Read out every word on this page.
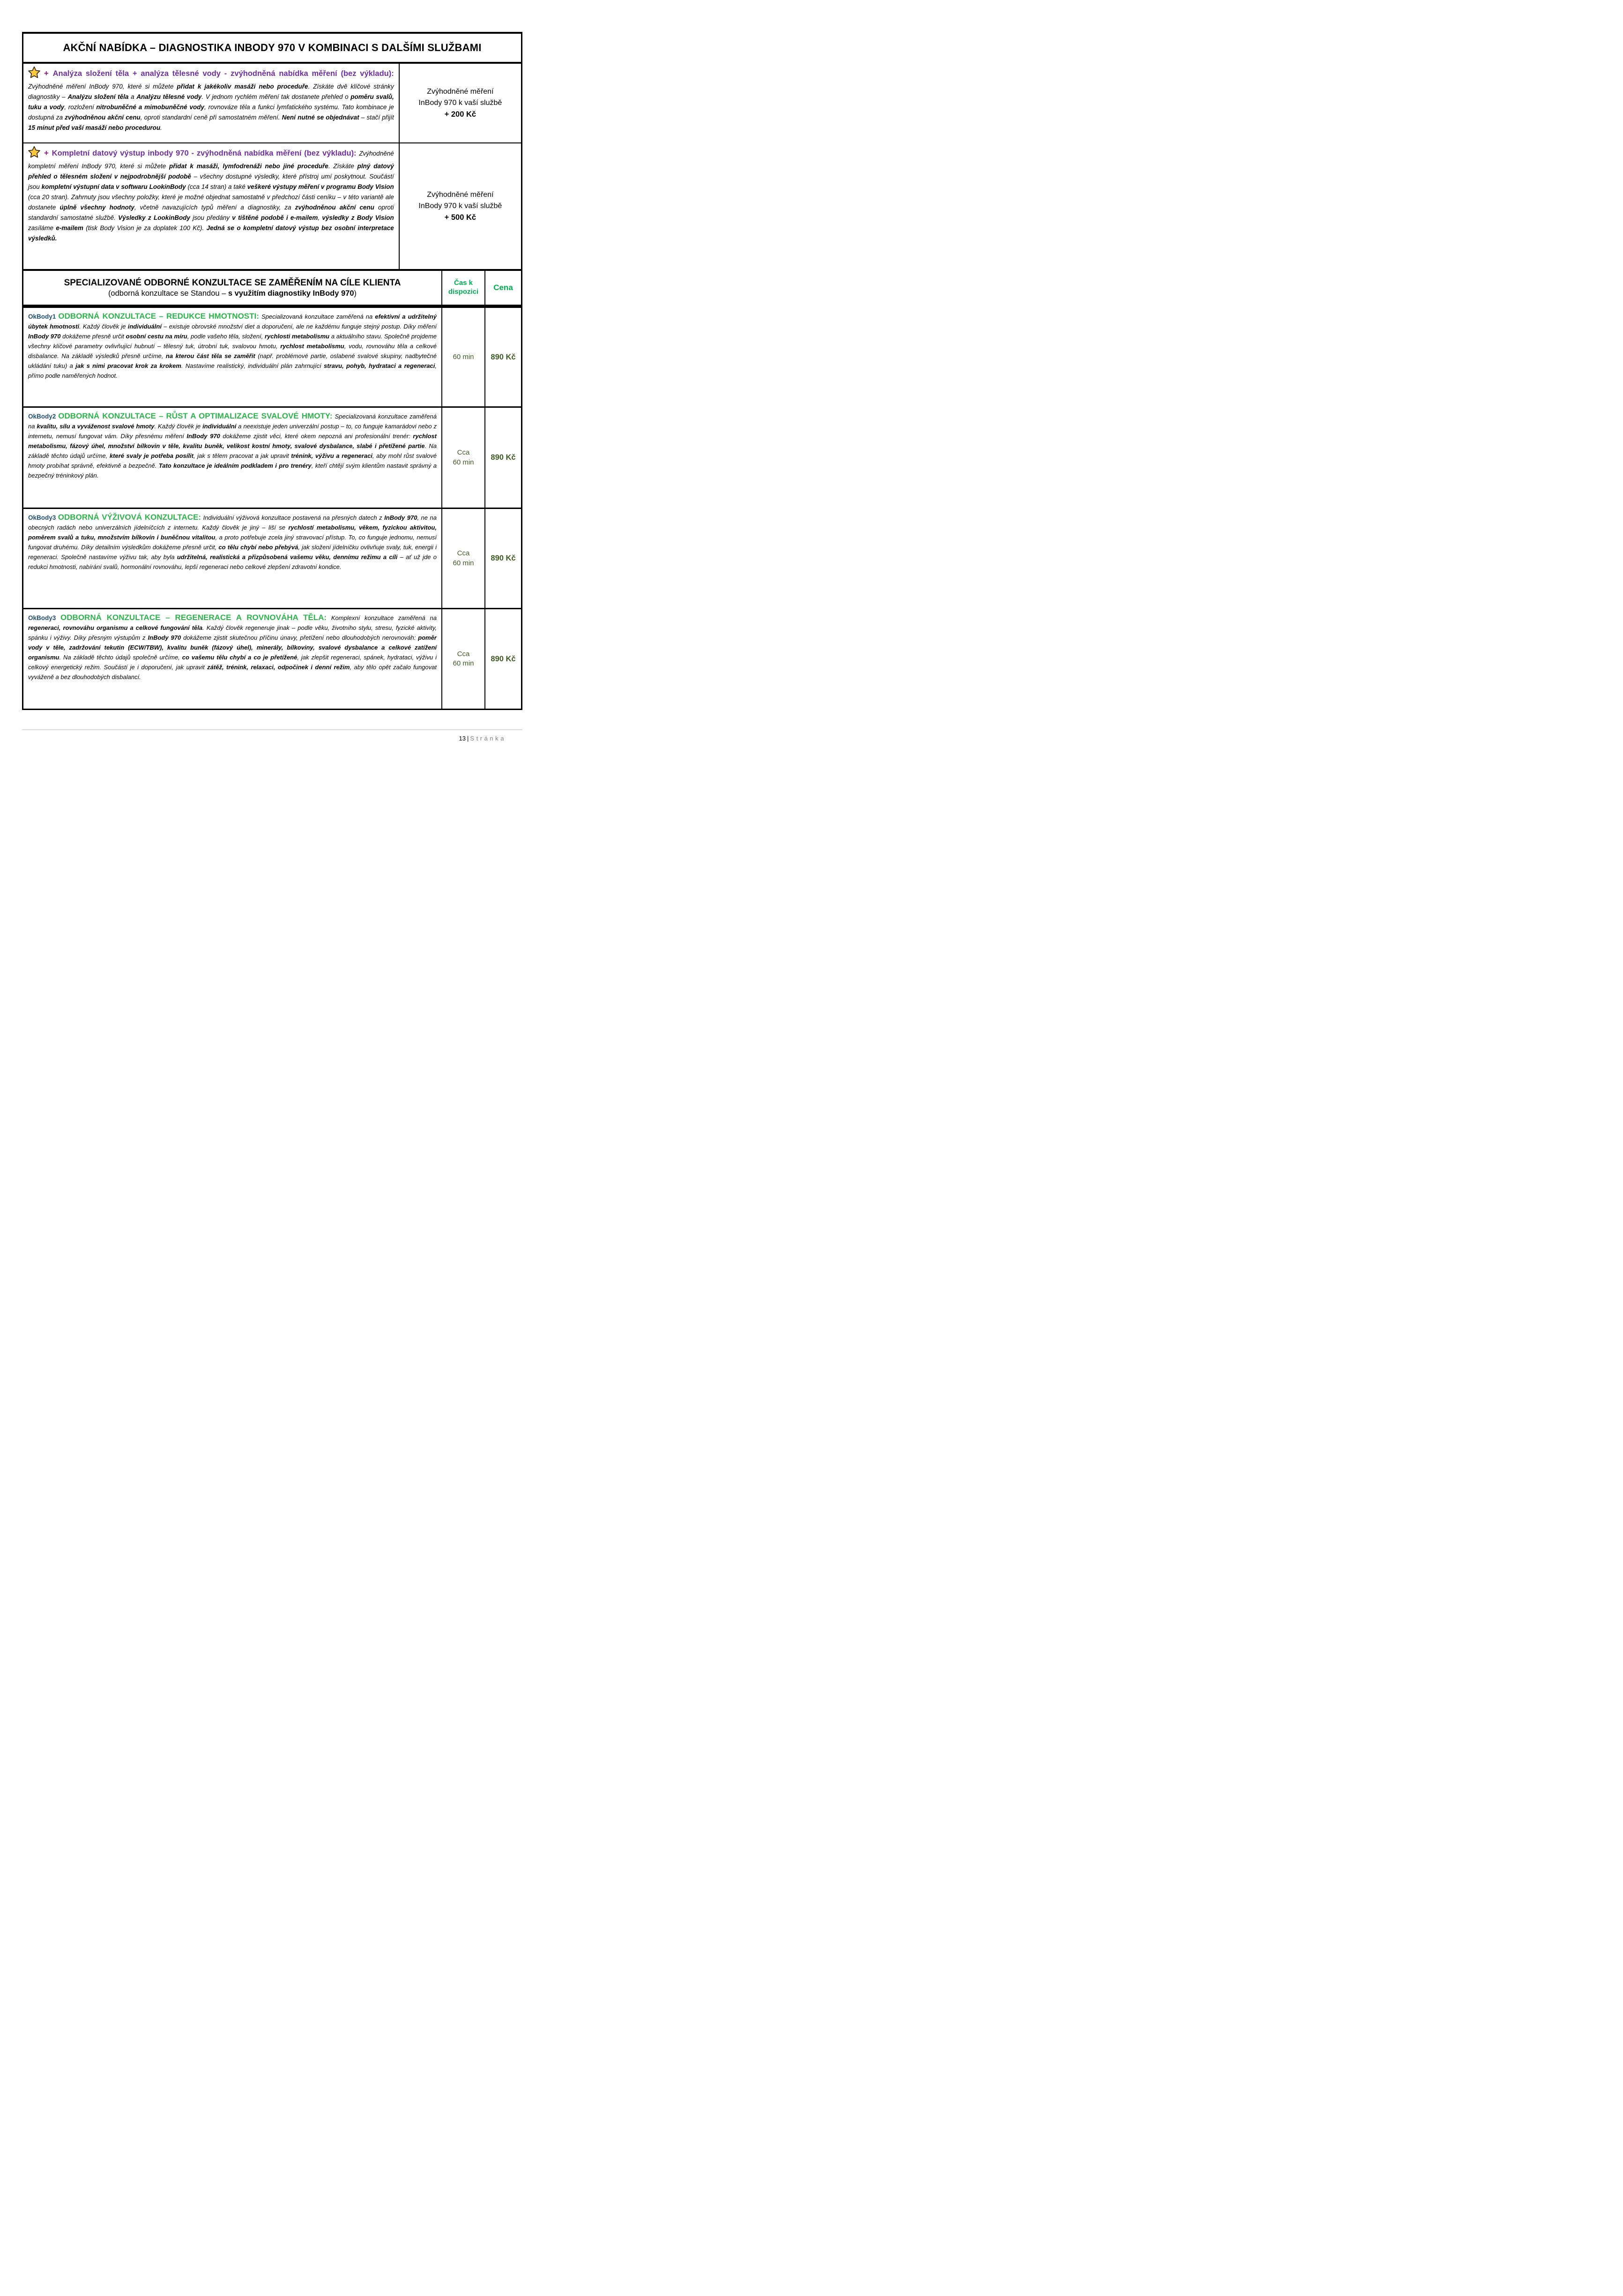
AKČNÍ NABÍDKA – DIAGNOSTIKA INBODY 970 V KOMBINACI S DALŠÍMI SLUŽBAMI

+ Analýza složení těla + analýza tělesné vody - zvýhodněná nabídka měření (bez výkladu): Zvýhodněné měření InBody 970, které si můžete přidat k jakékoliv masáži nebo proceduře. Získáte dvě klíčové stránky diagnostiky – Analýzu složení těla a Analýzu tělesné vody. V jednom rychlém měření tak dostanete přehled o poměru svalů, tuku a vody, rozložení nitrobuněčné a mimobuněčné vody, rovnováze těla a funkci lymfatického systému. Tato kombinace je dostupná za zvýhodněnou akční cenu, oproti standardní ceně při samostatném měření. Není nutné se objednávat – stačí přijít 15 minut před vaší masáží nebo procedurou.

Zvýhodněné měření
InBody 970 k vaší službě
+ 200 Kč

+ Kompletní datový výstup inbody 970 - zvýhodněná nabídka měření (bez výkladu): Zvýhodněné kompletní měření InBody 970, které si můžete přidat k masáži, lymfodrenáži nebo jiné proceduře. Získáte plný datový přehled o tělesném složení v nejpodrobnější podobě – všechny dostupné výsledky, které přístroj umí poskytnout. Součástí jsou kompletní výstupní data v softwaru LookinBody (cca 14 stran) a také veškeré výstupy měření v programu Body Vision (cca 20 stran). Zahrnuty jsou všechny položky, které je možné objednat samostatně v předchozí části ceníku – v této variantě ale dostanete úplně všechny hodnoty, včetně navazujících typů měření a diagnostiky, za zvýhodněnou akční cenu oproti standardní samostatné službě. Výsledky z LookinBody jsou předány v tištěné podobě i e-mailem, výsledky z Body Vision zasíláme e-mailem (tisk Body Vision je za doplatek 100 Kč). Jedná se o kompletní datový výstup bez osobní interpretace výsledků.

Zvýhodněné měření
InBody 970 k vaší službě
+ 500 Kč
SPECIALIZOVANÉ ODBORNÉ KONZULTACE SE ZAMĚŘENÍM NA CÍLE KLIENTA
(odborná konzultace se Standou – s využitím diagnostiky InBody 970)
Čas k dispozici	Cena

OkBody1 ODBORNÁ KONZULTACE – REDUKCE HMOTNOSTI: Specializovaná konzultace zaměřená na efektivní a udržitelný úbytek hmotnosti. Každý člověk je individuální – existuje obrovské množství diet a doporučení, ale ne každému funguje stejný postup. Díky měření InBody 970 dokážeme přesně určit osobní cestu na míru, podle vašeho těla, složení, rychlosti metabolismu a aktuálního stavu. Společně projdeme všechny klíčové parametry ovlivňující hubnutí – tělesný tuk, útrobní tuk, svalovou hmotu, rychlost metabolismu, vodu, rovnováhu těla a celkové disbalance. Na základě výsledků přesně určíme, na kterou část těla se zaměřit (např. problémové partie, oslabené svalové skupiny, nadbytečné ukládání tuku) a jak s nimi pracovat krok za krokem. Nastavíme realistický, individuální plán zahrnující stravu, pohyb, hydrataci a regeneraci, přímo podle naměřených hodnot.

60 min	890 Kč

OkBody2 ODBORNÁ KONZULTACE – RŮST A OPTIMALIZACE SVALOVÉ HMOTY: Specializovaná konzultace zaměřená na kvalitu, sílu a vyváženost svalové hmoty. Každý člověk je individuální a neexistuje jeden univerzální postup – to, co funguje kamarádovi nebo z internetu, nemusí fungovat vám. Díky přesnému měření InBody 970 dokážeme zjistit věci, které okem nepozná ani profesionální trenér: rychlost metabolismu, fázový úhel, množství bílkovin v těle, kvalitu buněk, velikost kostní hmoty, svalové dysbalance, slabé i přetížené partie. Na základě těchto údajů určíme, které svaly je potřeba posílit, jak s tělem pracovat a jak upravit trénink, výživu a regeneraci, aby mohl růst svalové hmoty probíhat správně, efektivně a bezpečně. Tato konzultace je ideálním podkladem i pro trenéry, kteří chtějí svým klientům nastavit správný a bezpečný tréninkový plán.

Cca
60 min
890 Kč

OkBody3 ODBORNÁ VÝŽIVOVÁ KONZULTACE: Individuální výživová konzultace postavená na přesných datech z InBody 970, ne na obecných radách nebo univerzálních jídelníčcích z internetu. Každý člověk je jiný – liší se rychlostí metabolismu, věkem, fyzickou aktivitou, poměrem svalů a tuku, množstvím bílkovin i buněčnou vitalitou, a proto potřebuje zcela jiný stravovací přístup. To, co funguje jednomu, nemusí fungovat druhému. Díky detailním výsledkům dokážeme přesně určit, co tělu chybí nebo přebývá, jak složení jídelníčku ovlivňuje svaly, tuk, energii i regeneraci. Společně nastavíme výživu tak, aby byla udržitelná, realistická a přizpůsobená vašemu věku, dennímu režimu a cíli – ať už jde o redukci hmotnosti, nabírání svalů, hormonální rovnováhu, lepší regeneraci nebo celkové zlepšení zdravotní kondice.

Cca
60 min
890 Kč

OkBody3 ODBORNÁ KONZULTACE – REGENERACE A ROVNOVÁHA TĚLA: Komplexní konzultace zaměřená na regeneraci, rovnováhu organismu a celkové fungování těla. Každý člověk regeneruje jinak – podle věku, životního stylu, stresu, fyzické aktivity, spánku i výživy. Díky přesným výstupům z InBody 970 dokážeme zjistit skutečnou příčinu únavy, přetížení nebo dlouhodobých nerovnováh: poměr vody v těle, zadržování tekutin (ECW/TBW), kvalitu buněk (fázový úhel), minerály, bílkoviny, svalové dysbalance a celkové zatížení organismu. Na základě těchto údajů společně určíme, co vašemu tělu chybí a co je přetížené, jak zlepšit regeneraci, spánek, hydrataci, výživu i celkový energetický režim. Součástí je i doporučení, jak upravit zátěž, trénink, relaxaci, odpočinek i denní režim, aby tělo opět začalo fungovat vyváženě a bez dlouhodobých disbalancí.

Cca
60 min
890 Kč
13 | Stránka
